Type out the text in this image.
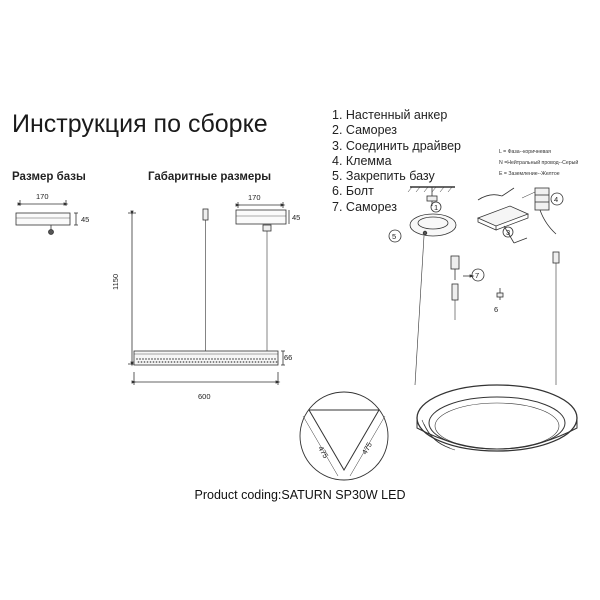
Инструкция по сборке
Размер базы	Габаритные размеры
1. Настенный анкер
2. Саморез
3. Соединить драйвер
4. Клемма
5. Закрепить базу
6. Болт
7. Саморез
L = Фаза--коричневая
N =Нейтральный провод--Серый
E = Заземление--Желтое
170
45
170
45
1150
66
600
475	475
5
1
3
4
7
6
Product coding:SATURN SP30W LED
